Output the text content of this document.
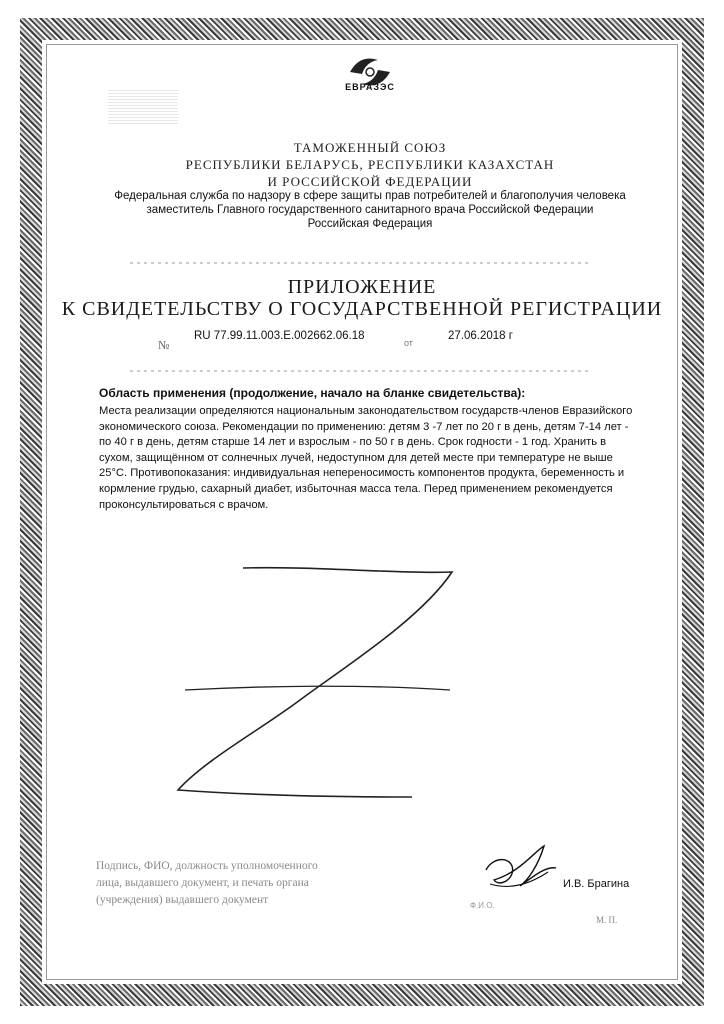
ЕВРАЗЭС
ТАМОЖЕННЫЙ СОЮЗ
РЕСПУБЛИКИ БЕЛАРУСЬ, РЕСПУБЛИКИ КАЗАХСТАН
И РОССИЙСКОЙ ФЕДЕРАЦИИ
Федеральная служба по надзору в сфере защиты прав потребителей и благополучия человека
заместитель Главного государственного санитарного врача Российской Федерации
Российская Федерация
ПРИЛОЖЕНИЕ
К СВИДЕТЕЛЬСТВУ О ГОСУДАРСТВЕННОЙ РЕГИСТРАЦИИ
№
RU 77.99.11.003.Е.002662.06.18
от
27.06.2018 г
Область применения (продолжение, начало на бланке свидетельства):
Места реализации определяются национальным законодательством государств-членов Евразийского экономического союза. Рекомендации по применению: детям 3 -7 лет по 20 г в день, детям 7-14 лет - по 40 г в день, детям старше 14 лет и взрослым - по 50 г в день. Срок годности - 1 год. Хранить в сухом, защищённом от солнечных лучей, недоступном для детей месте при температуре не выше 25°С. Противопоказания: индивидуальная непереносимость компонентов продукта, беременность и кормление грудью, сахарный диабет, избыточная масса тела. Перед применением рекомендуется проконсультироваться с врачом.
Подпись, ФИО, должность уполномоченного
лица, выдавшего документ, и печать органа
(учреждения) выдавшего документ
И.В. Брагина
Ф.И.О.
М. П.
